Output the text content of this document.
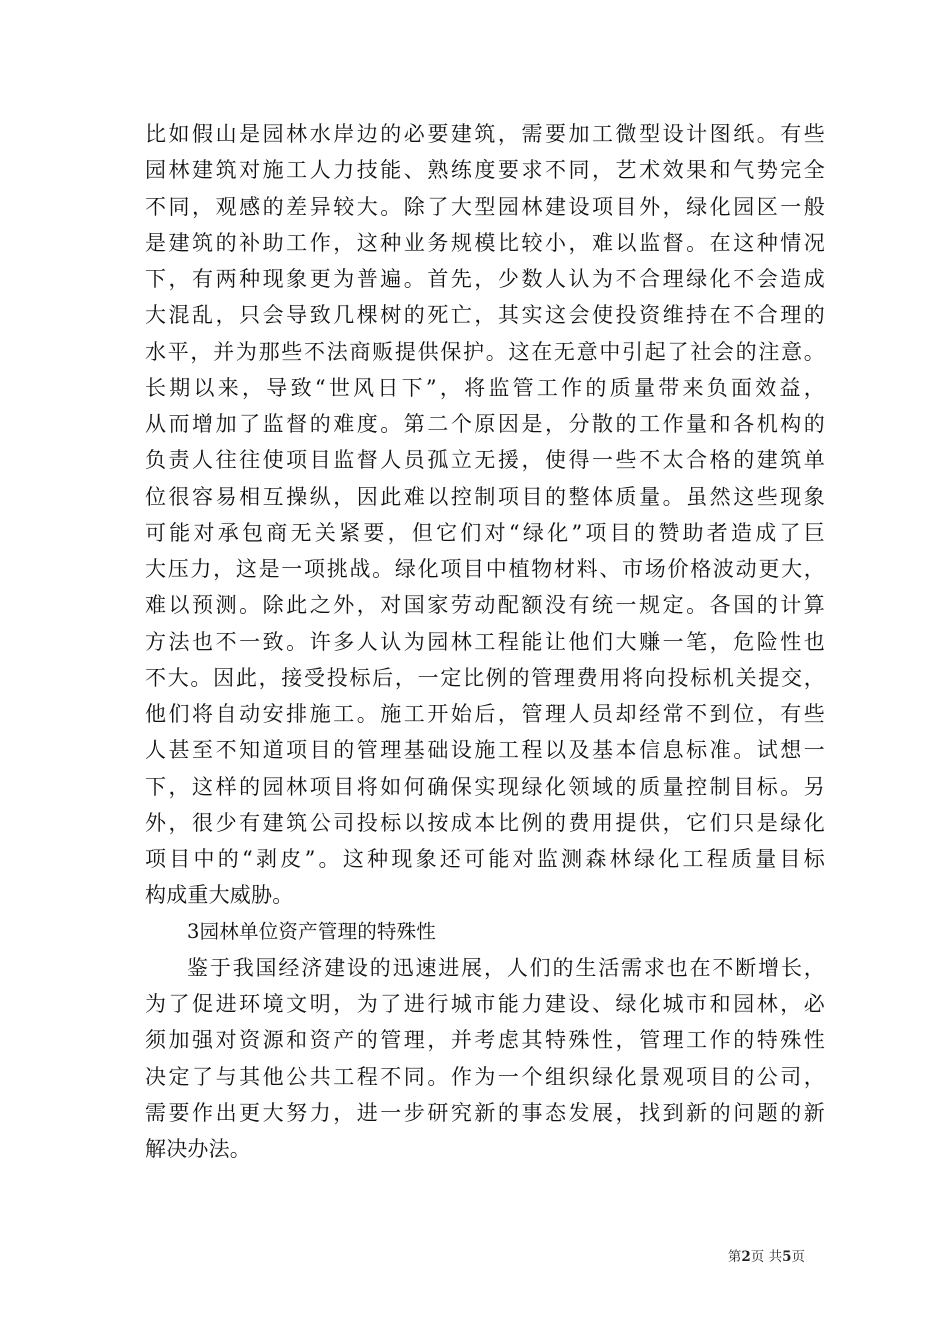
比如假山是园林水岸边的必要建筑，需要加工微型设计图纸。有些
园林建筑对施工人力技能、熟练度要求不同，艺术效果和气势完全
不同，观感的差异较大。除了大型园林建设项目外，绿化园区一般
是建筑的补助工作，这种业务规模比较小，难以监督。在这种情况
下，有两种现象更为普遍。首先，少数人认为不合理绿化不会造成
大混乱，只会导致几棵树的死亡，其实这会使投资维持在不合理的
水平，并为那些不法商贩提供保护。这在无意中引起了社会的注意。
长期以来，导致“世风日下”，将监管工作的质量带来负面效益，
从而增加了监督的难度。第二个原因是，分散的工作量和各机构的
负责人往往使项目监督人员孤立无援，使得一些不太合格的建筑单
位很容易相互操纵，因此难以控制项目的整体质量。虽然这些现象
可能对承包商无关紧要，但它们对“绿化”项目的赞助者造成了巨
大压力，这是一项挑战。绿化项目中植物材料、市场价格波动更大，
难以预测。除此之外，对国家劳动配额没有统一规定。各国的计算
方法也不一致。许多人认为园林工程能让他们大赚一笔，危险性也
不大。因此，接受投标后，一定比例的管理费用将向投标机关提交，
他们将自动安排施工。施工开始后，管理人员却经常不到位，有些
人甚至不知道项目的管理基础设施工程以及基本信息标准。试想一
下，这样的园林项目将如何确保实现绿化领域的质量控制目标。另
外，很少有建筑公司投标以按成本比例的费用提供，它们只是绿化
项目中的“剥皮”。这种现象还可能对监测森林绿化工程质量目标
构成重大威胁。
3园林单位资产管理的特殊性
鉴于我国经济建设的迅速进展，人们的生活需求也在不断增长，
为了促进环境文明，为了进行城市能力建设、绿化城市和园林，必
须加强对资源和资产的管理，并考虑其特殊性，管理工作的特殊性
决定了与其他公共工程不同。作为一个组织绿化景观项目的公司，
需要作出更大努力，进一步研究新的事态发展，找到新的问题的新
解决办法。
第2页 共5页
